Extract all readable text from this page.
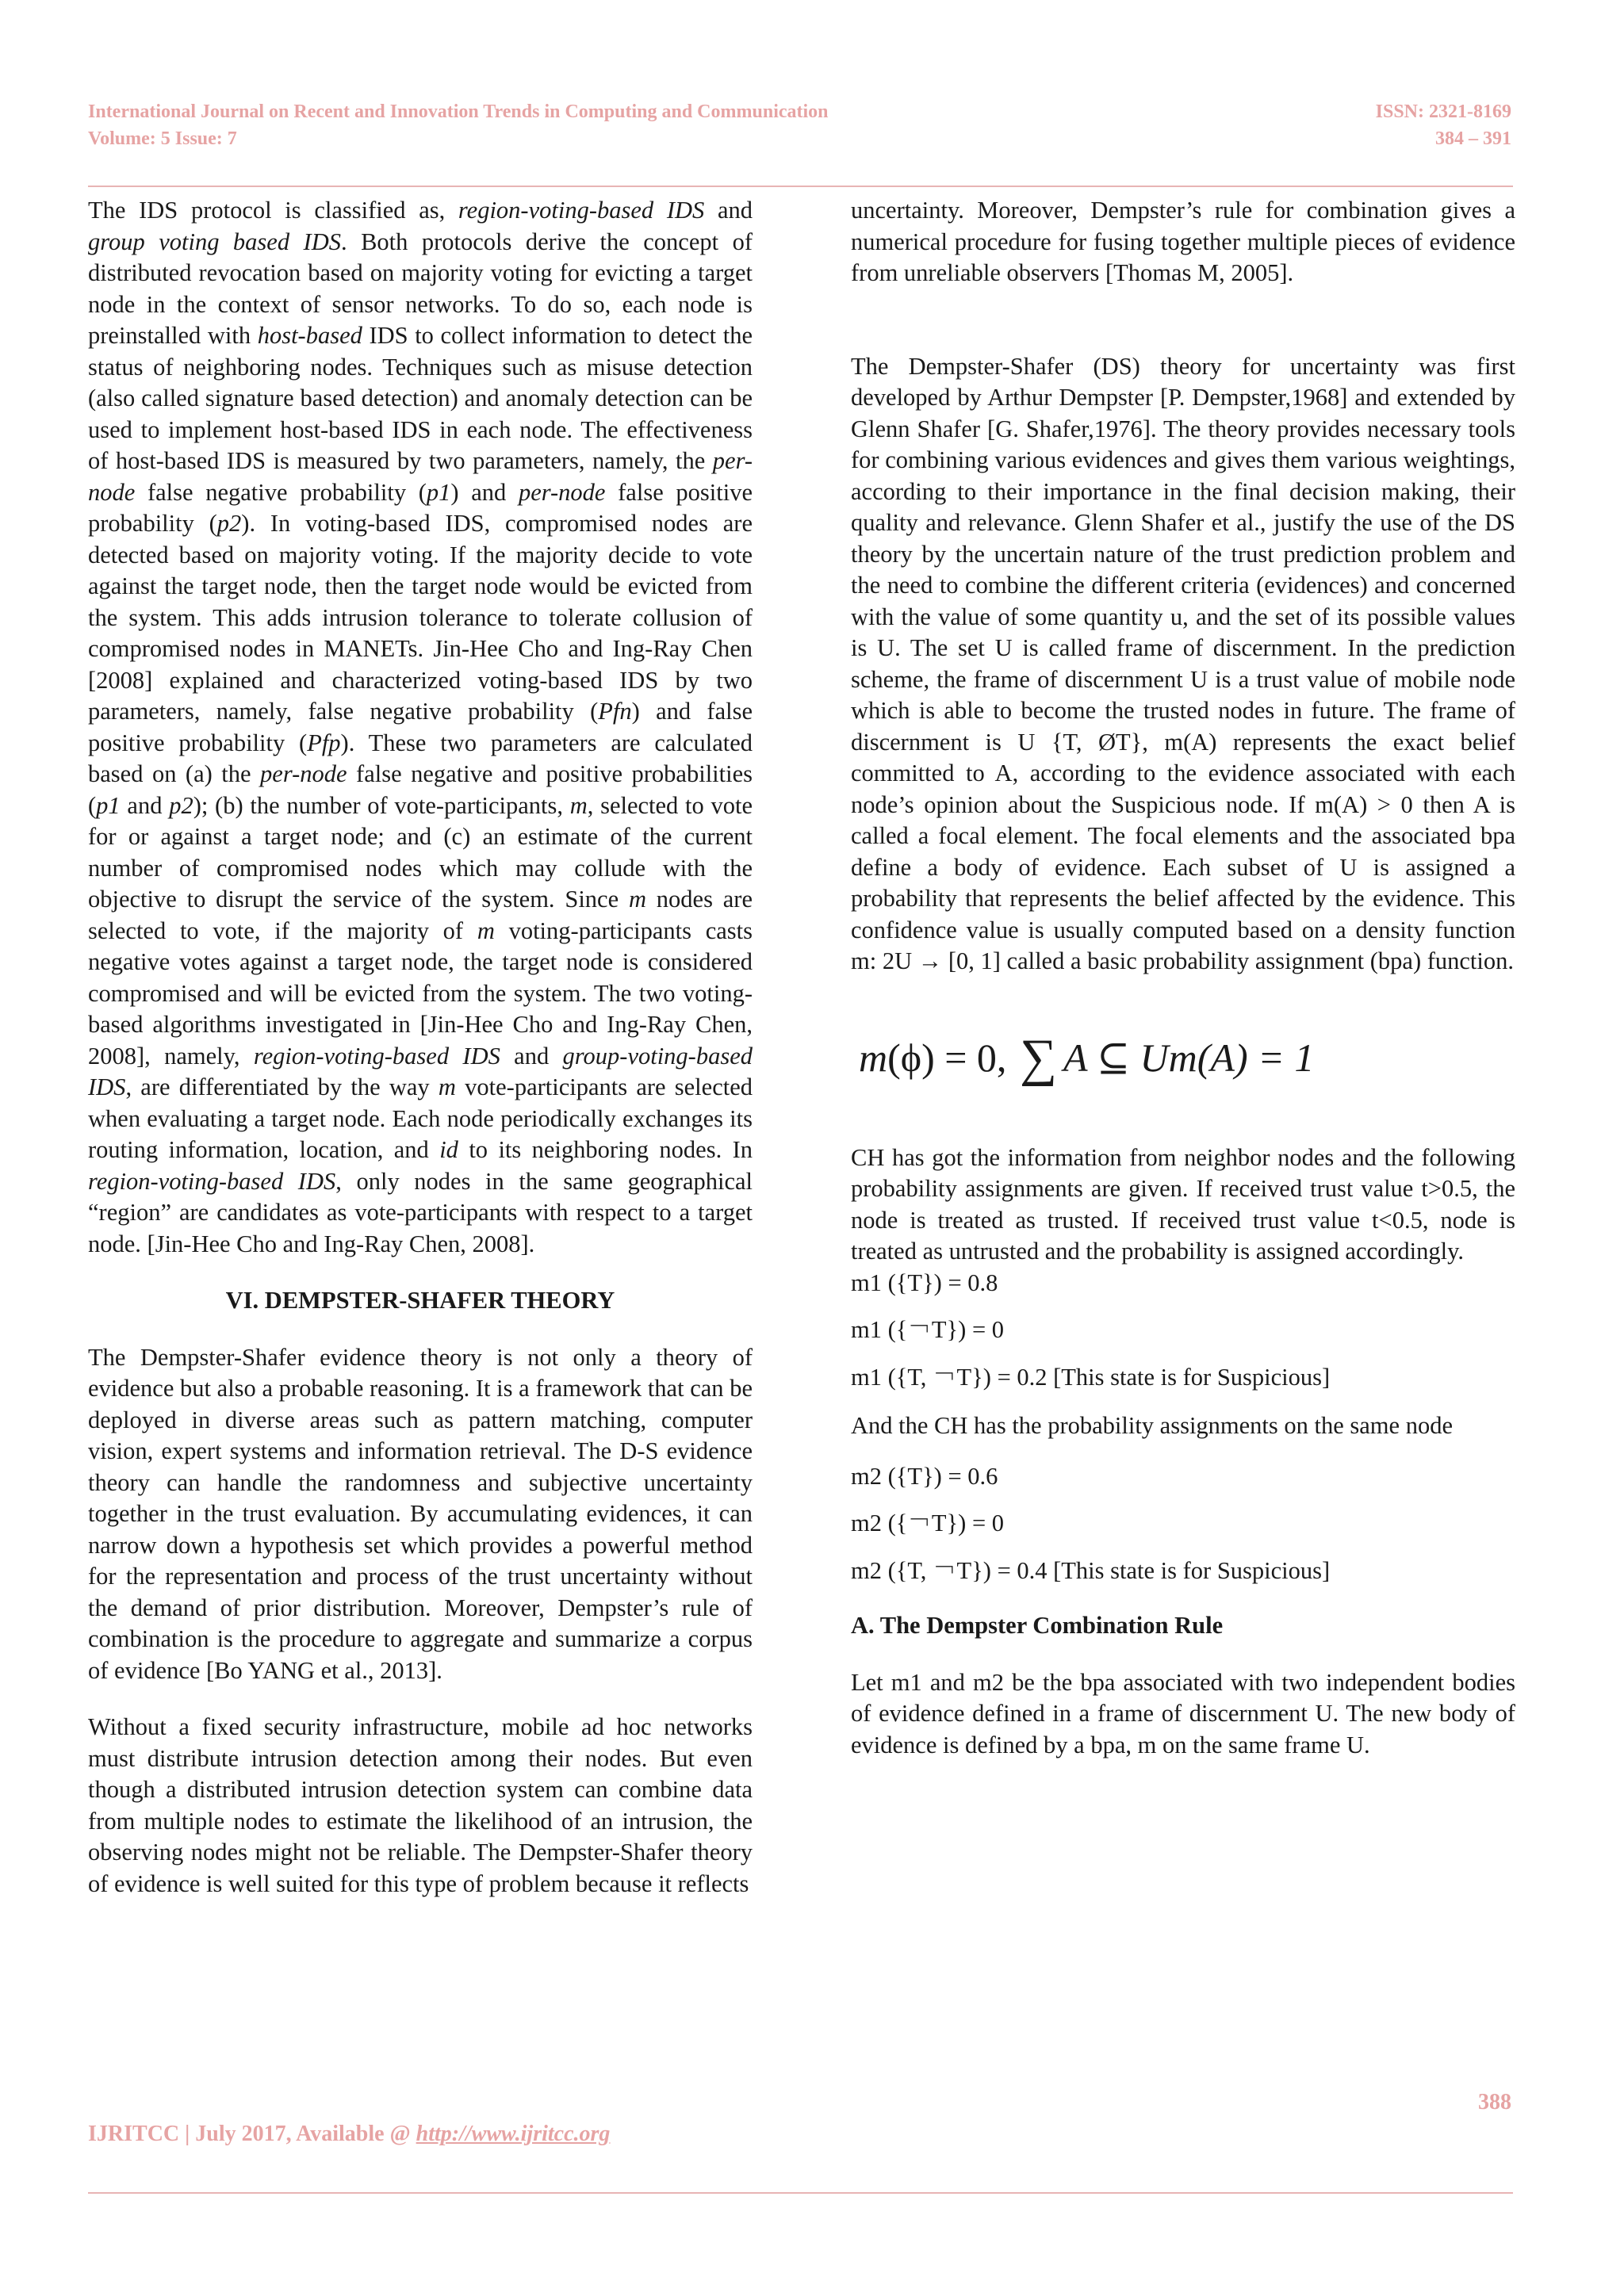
International Journal on Recent and Innovation Trends in Computing and Communication
Volume: 5 Issue: 7
ISSN: 2321-8169
384 – 391

The IDS protocol is classified as, region-voting-based IDS and group voting based IDS. Both protocols derive the concept of distributed revocation based on majority voting for evicting a target node in the context of sensor networks. To do so, each node is preinstalled with host-based IDS to collect information to detect the status of neighboring nodes. Techniques such as misuse detection (also called signature based detection) and anomaly detection can be used to implement host-based IDS in each node. The effectiveness of host-based IDS is measured by two parameters, namely, the per-node false negative probability (p1) and per-node false positive probability (p2). In voting-based IDS, compromised nodes are detected based on majority voting. If the majority decide to vote against the target node, then the target node would be evicted from the system. This adds intrusion tolerance to tolerate collusion of compromised nodes in MANETs. Jin-Hee Cho and Ing-Ray Chen [2008] explained and characterized voting-based IDS by two parameters, namely, false negative probability (Pfn) and false positive probability (Pfp). These two parameters are calculated based on (a) the per-node false negative and positive probabilities (p1 and p2); (b) the number of vote-participants, m, selected to vote for or against a target node; and (c) an estimate of the current number of compromised nodes which may collude with the objective to disrupt the service of the system. Since m nodes are selected to vote, if the majority of m voting-participants casts negative votes against a target node, the target node is considered compromised and will be evicted from the system. The two voting-based algorithms investigated in [Jin-Hee Cho and Ing-Ray Chen, 2008], namely, region-voting-based IDS and group-voting-based IDS, are differentiated by the way m vote-participants are selected when evaluating a target node. Each node periodically exchanges its routing information, location, and id to its neighboring nodes. In region-voting-based IDS, only nodes in the same geographical “region” are candidates as vote-participants with respect to a target node. [Jin-Hee Cho and Ing-Ray Chen, 2008].

VI. DEMPSTER-SHAFER THEORY

The Dempster-Shafer evidence theory is not only a theory of evidence but also a probable reasoning. It is a framework that can be deployed in diverse areas such as pattern matching, computer vision, expert systems and information retrieval. The D-S evidence theory can handle the randomness and subjective uncertainty together in the trust evaluation. By accumulating evidences, it can narrow down a hypothesis set which provides a powerful method for the representation and process of the trust uncertainty without the demand of prior distribution. Moreover, Dempster’s rule of combination is the procedure to aggregate and summarize a corpus of evidence [Bo YANG et al., 2013].

Without a fixed security infrastructure, mobile ad hoc networks must distribute intrusion detection among their nodes. But even though a distributed intrusion detection system can combine data from multiple nodes to estimate the likelihood of an intrusion, the observing nodes might not be reliable. The Dempster-Shafer theory of evidence is well suited for this type of problem because it reflects

uncertainty. Moreover, Dempster’s rule for combination gives a numerical procedure for fusing together multiple pieces of evidence from unreliable observers [Thomas M, 2005].

The Dempster-Shafer (DS) theory for uncertainty was first developed by Arthur Dempster [P. Dempster,1968] and extended by Glenn Shafer [G. Shafer,1976]. The theory provides necessary tools for combining various evidences and gives them various weightings, according to their importance in the final decision making, their quality and relevance. Glenn Shafer et al., justify the use of the DS theory by the uncertain nature of the trust prediction problem and the need to combine the different criteria (evidences) and concerned with the value of some quantity u, and the set of its possible values is U. The set U is called frame of discernment. In the prediction scheme, the frame of discernment U is a trust value of mobile node which is able to become the trusted nodes in future. The frame of discernment is U {T, ØT}, m(A) represents the exact belief committed to A, according to the evidence associated with each node’s opinion about the Suspicious node. If m(A) > 0 then A is called a focal element. The focal elements and the associated bpa define a body of evidence. Each subset of U is assigned a probability that represents the belief affected by the evidence. This confidence value is usually computed based on a density function m: 2U → [0, 1] called a basic probability assignment (bpa) function.

m (ϕ) = 0, ∑ A ⊆ Um(A) = 1

CH has got the information from neighbor nodes and the following probability assignments are given. If received trust value t>0.5, the node is treated as trusted. If received trust value t<0.5, node is treated as untrusted and the probability is assigned accordingly.

m1 ({T}) = 0.8

m1 ({￢T}) = 0

m1 ({T, ￢T}) = 0.2 [This state is for Suspicious]

And the CH has the probability assignments on the same node

m2 ({T}) = 0.6

m2 ({￢T}) = 0

m2 ({T, ￢T}) = 0.4 [This state is for Suspicious]

A. The Dempster Combination Rule

Let m1 and m2 be the bpa associated with two independent bodies of evidence defined in a frame of discernment U. The new body of evidence is defined by a bpa, m on the same frame U.

388
IJRITCC | July 2017, Available @ http://www.ijritcc.org
